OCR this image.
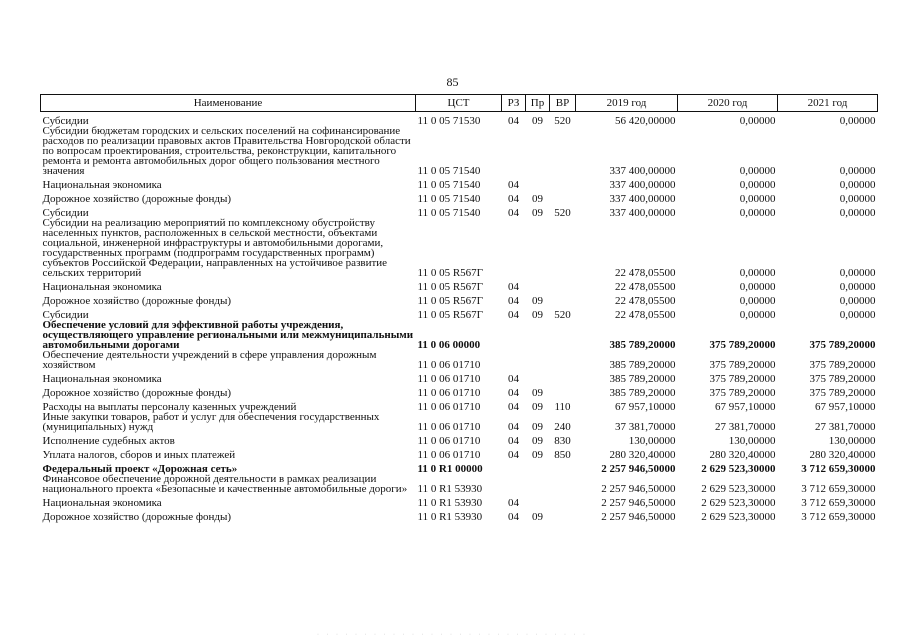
85
Наименование	ЦСТ	РЗ	Пр	ВР	2019 год	2020 год	2021 год
Субсидии	11 0 05 71530	04	09	520	56 420,00000	0,00000	0,00000
Субсидии бюджетам городских и сельских поселений на софинансирование расходов по реализации правовых актов Правительства Новгородской области по вопросам проектирования, строительства, реконструкции, капитального ремонта и ремонта автомобильных дорог общего пользования местного значения	11 0 05 71540				337 400,00000	0,00000	0,00000
Национальная экономика	11 0 05 71540	04			337 400,00000	0,00000	0,00000
Дорожное хозяйство (дорожные фонды)	11 0 05 71540	04	09		337 400,00000	0,00000	0,00000
Субсидии	11 0 05 71540	04	09	520	337 400,00000	0,00000	0,00000
Субсидии на реализацию мероприятий по комплексному обустройству населенных пунктов, расположенных в сельской местности, объектами социальной, инженерной инфраструктуры и автомобильными дорогами, государственных программ (подпрограмм государственных программ) субъектов Российской Федерации, направленных на устойчивое развитие сельских территорий	11 0 05 R567Г				22 478,05500	0,00000	0,00000
Национальная экономика	11 0 05 R567Г	04			22 478,05500	0,00000	0,00000
Дорожное хозяйство (дорожные фонды)	11 0 05 R567Г	04	09		22 478,05500	0,00000	0,00000
Субсидии	11 0 05 R567Г	04	09	520	22 478,05500	0,00000	0,00000
Обеспечение условий для эффективной работы учреждения, осуществляющего управление региональными или межмуниципальными автомобильными дорогами	11 0 06 00000				385 789,20000	375 789,20000	375 789,20000
Обеспечение деятельности учреждений в сфере управления дорожным хозяйством	11 0 06 01710				385 789,20000	375 789,20000	375 789,20000
Национальная экономика	11 0 06 01710	04			385 789,20000	375 789,20000	375 789,20000
Дорожное хозяйство (дорожные фонды)	11 0 06 01710	04	09		385 789,20000	375 789,20000	375 789,20000
Расходы на выплаты персоналу казенных учреждений	11 0 06 01710	04	09	110	67 957,10000	67 957,10000	67 957,10000
Иные закупки товаров, работ и услуг для обеспечения государственных (муниципальных) нужд	11 0 06 01710	04	09	240	37 381,70000	27 381,70000	27 381,70000
Исполнение судебных актов	11 0 06 01710	04	09	830	130,00000	130,00000	130,00000
Уплата налогов, сборов и иных платежей	11 0 06 01710	04	09	850	280 320,40000	280 320,40000	280 320,40000
Федеральный проект «Дорожная сеть»	11 0 R1 00000				2 257 946,50000	2 629 523,30000	3 712 659,30000
Финансовое обеспечение дорожной деятельности в рамках реализации национального проекта «Безопасные и качественные автомобильные дороги»	11 0 R1 53930				2 257 946,50000	2 629 523,30000	3 712 659,30000
Национальная экономика	11 0 R1 53930	04			2 257 946,50000	2 629 523,30000	3 712 659,30000
Дорожное хозяйство (дорожные фонды)	11 0 R1 53930	04	09		2 257 946,50000	2 629 523,30000	3 712 659,30000
· · · · · · · · · · · · · · · · · · · · · · · · · · · · ·
